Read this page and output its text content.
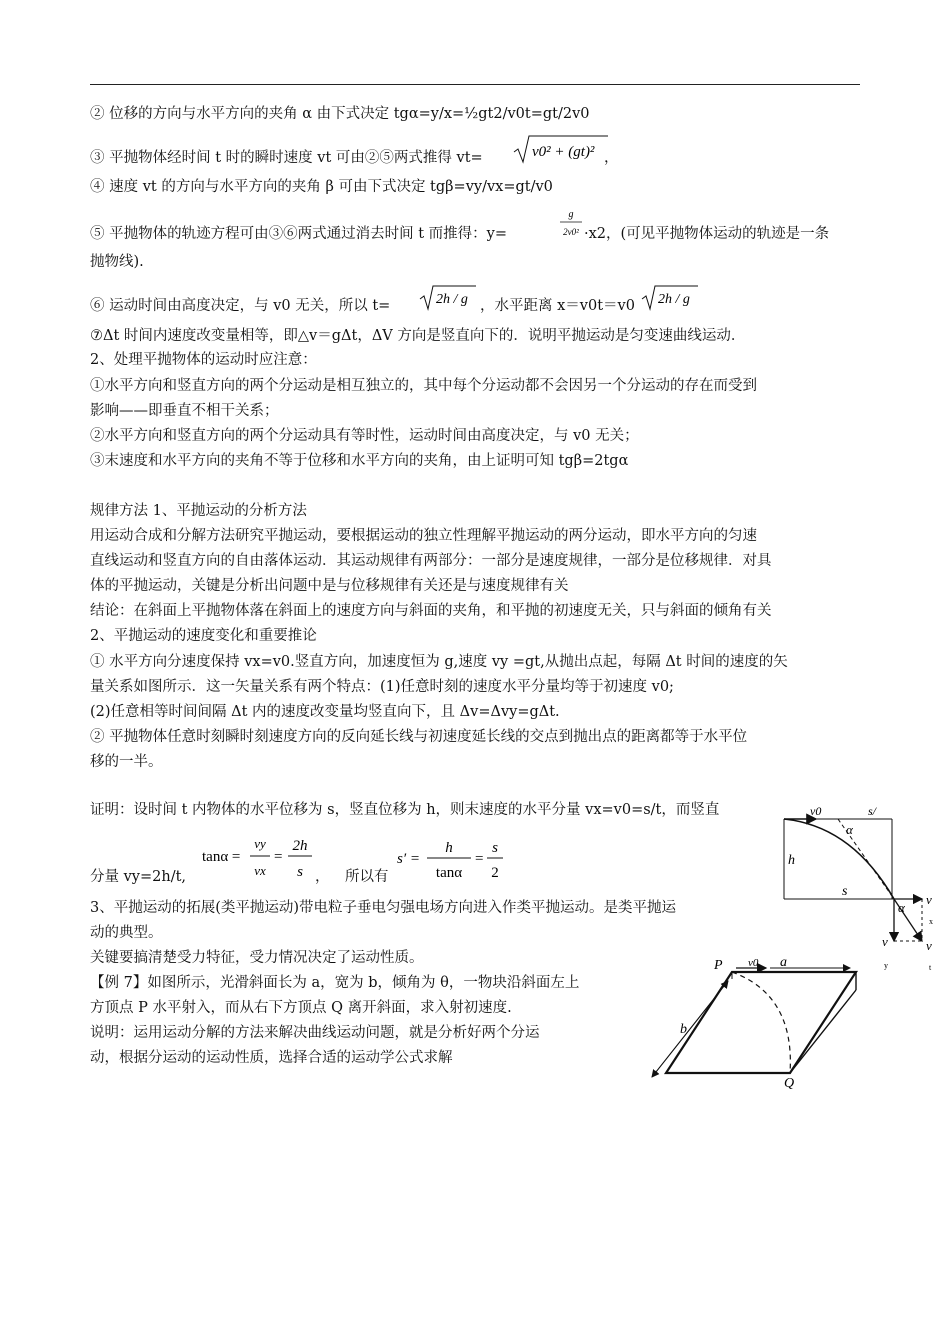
② 位移的方向与水平方向的夹角 α 由下式决定 tgα=y/x=½gt2/v0t=gt/2v0
③ 平抛物体经时间 t 时的瞬时速度 vt 可由②⑤两式推得 vt=	v0² + (gt)² ，
④ 速度 vt 的方向与水平方向的夹角 β 可由下式决定 tgβ=vy/vx=gt/v0
⑤ 平抛物体的轨迹方程可由③⑥两式通过消去时间 t 而推得：y=
g
2v0² ·x2，(可见平抛物体运动的轨迹是一条
抛物线).
⑥ 运动时间由高度决定，与 v0 无关，所以 t=	2h / g ，水平距离 x＝v0t＝v0 2h / g
⑦Δt 时间内速度改变量相等，即△v＝gΔt，ΔV 方向是竖直向下的．说明平抛运动是匀变速曲线运动．
2、处理平抛物体的运动时应注意：
①水平方向和竖直方向的两个分运动是相互独立的，其中每个分运动都不会因另一个分运动的存在而受到
影响——即垂直不相干关系；
②水平方向和竖直方向的两个分运动具有等时性，运动时间由高度决定，与 v0 无关；
③末速度和水平方向的夹角不等于位移和水平方向的夹角，由上证明可知 tgβ=2tgα
规律方法 1、平抛运动的分析方法
用运动合成和分解方法研究平抛运动，要根据运动的独立性理解平抛运动的两分运动，即水平方向的匀速
直线运动和竖直方向的自由落体运动．其运动规律有两部分：一部分是速度规律，一部分是位移规律．对具
体的平抛运动，关键是分析出问题中是与位移规律有关还是与速度规律有关
结论：在斜面上平抛物体落在斜面上的速度方向与斜面的夹角，和平抛的初速度无关，只与斜面的倾角有关
2、平抛运动的速度变化和重要推论
① 水平方向分速度保持 vx=v0.竖直方向，加速度恒为 g,速度 vy =gt,从抛出点起，每隔 Δt 时间的速度的矢
量关系如图所示．这一矢量关系有两个特点：(1)任意时刻的速度水平分量均等于初速度 v0;
(2)任意相等时间间隔 Δt 内的速度改变量均竖直向下，且 Δv=Δvy=gΔt.
② 平抛物体任意时刻瞬时刻速度方向的反向延长线与初速度延长线的交点到抛出点的距离都等于水平位
移的一半。
证明：设时间 t 内物体的水平位移为 s，竖直位移为 h，则末速度的水平分量 vx=v0=s/t，而竖直
分量 vy=2h/t,
tanα =
vy
vx
=
2h
s ， 所以有
s′ =
h
tanα
=
s
2
v0	s/
α
h
s
α
v
x
v
y
v
t
3、平抛运动的拓展(类平抛运动)带电粒子垂电匀强电场方向进入作类平抛运动。是类平抛运
动的典型。
关键要搞清楚受力特征，受力情况决定了运动性质。
【例 7】如图所示，光滑斜面长为 a，宽为 b，倾角为 θ，一物块沿斜面左上
方顶点 P 水平射入，而从右下方顶点 Q 离开斜面，求入射初速度.
说明：运用运动分解的方法来解决曲线运动问题，就是分析好两个分运
动，根据分运动的运动性质，选择合适的运动学公式求解
P v0 a
b
Q
